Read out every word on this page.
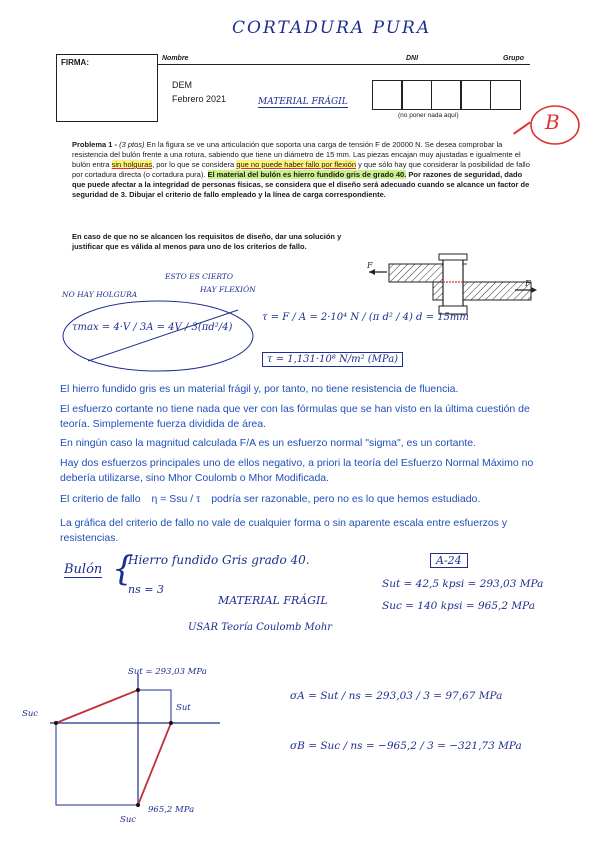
CORTADURA PURA
FIRMA:	Nombre	DNI	Grupo
DEM
Febrero 2021	MATERIAL FRÁGIL
(no poner nada aquí)	B
Problema 1 - (3 ptos) En la figura se ve una articulación que soporta una carga de tensión F de 20000 N. Se desea comprobar la resistencia del bulón frente a una rotura, sabiendo que tiene un diámetro de 15 mm. Las piezas encajan muy ajustadas e igualmente el bulón entra sin holguras, por lo que se considera que no puede haber fallo por flexión y que sólo hay que considerar la posibilidad de fallo por cortadura directa (o cortadura pura). El material del bulón es hierro fundido gris de grado 40. Por razones de seguridad, dado que puede afectar a la integridad de personas físicas, se considera que el diseño será adecuado cuando se alcance un factor de seguridad de 3. Dibujar el criterio de fallo empleado y la línea de carga correspondiente.
En caso de que no se alcancen los requisitos de diseño, dar una solución y justificar que es válida al menos para uno de los criterios de fallo.
F
F
NO HAY HOLGURA
ESTO ES CIERTO
HAY FLEXIÓN
τmax = 4·V / 3A = 4V / 3(πd²/4)
τ = F / A = 2·10⁴ N / (π d² / 4) d = 15mm
τ = 1,131·10⁸ N/m² (MPa)
El hierro fundido gris es un material frágil y, por tanto, no tiene resistencia de fluencia.
El esfuerzo cortante no tiene nada que ver con las fórmulas que se han visto en la última cuestión de teoría. Simplemente fuerza dividida de área.
En ningún caso la magnitud calculada F/A es un esfuerzo normal "sigma", es un cortante.
Hay dos esfuerzos principales uno de ellos negativo, a priori la teoría del Esfuerzo Normal Máximo no debería utilizarse, sino Mhor Coulomb o Mhor Modificada.
El criterio de fallo η = Ssu / τ podría ser razonable, pero no es lo que hemos estudiado.
La gráfica del criterio de fallo no vale de cualquier forma o sin aparente escala entre esfuerzos y resistencias.
Bulón {
Hierro fundido Gris grado 40.	A-24
ns = 3
MATERIAL FRÁGIL
USAR Teoría Coulomb Mohr
Sut = 42,5 kpsi = 293,03 MPa
Suc = 140 kpsi = 965,2 MPa
σA = Sut / ns = 293,03 / 3 = 97,67 MPa
σB = Suc / ns = −965,2 / 3 = −321,73 MPa
Sut = 293,03 MPa
Suc
Sut
Suc
965,2 MPa
